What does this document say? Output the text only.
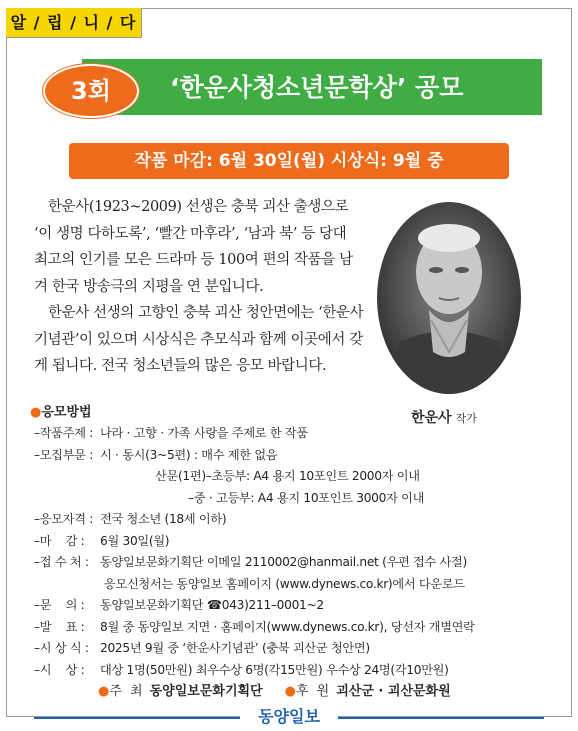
알 / 립 / 니 / 다
3회	‘한운사청소년문학상’ 공모
작품 마감: 6월 30일(월) 시상식: 9월 중

한운사(1923~2009) 선생은 충북 괴산 출생으로 ‘이 생명 다하도록’, ‘빨간 마후라’, ‘남과 북’ 등 당대 최고의 인기를 모은 드라마 등 100여 편의 작품을 남겨 한국 방송극의 지평을 연 분입니다.

한운사 선생의 고향인 충북 괴산 청안면에는 ‘한운사기념관’이 있으며 시상식은 추모식과 함께 이곳에서 갖게 됩니다. 전국 청소년들의 많은 응모 바랍니다.

한운사 작가
●응모방법
–작품주제 : 나라 · 고향 · 가족 사랑을 주제로 한 작품
–모집부문 : 시 · 동시(3~5편) : 매수 제한 없음
산문(1편)–초등부: A4 용지 10포인트 2000자 이내
–중 · 고등부: A4 용지 10포인트 3000자 이내
–응모자격 : 전국 청소년 (18세 이하)
–마    감 :	6월 30일(월)
–접 수 처 : 동양일보문화기획단 이메일 2110002@hanmail.net (우편 접수 사절)
응모신청서는 동양일보 홈페이지 (www.dynews.co.kr)에서 다운로드
–문    의 :	동양일보문화기획단 ☎043)211–0001~2
–발    표 :	8월 중 동양일보 지면 · 홈페이지(www.dynews.co.kr), 당선자 개별연락
–시 상 식 : 2025년 9월 중 ‘한운사기념관’ (충북 괴산군 청안면)
–시    상 :	대상 1명(50만원) 최우수상 6명(각15만원) 우수상 24명(각10만원)
●주 최 동양일보문화기획단 ●후 원 괴산군 · 괴산문화원
동양일보
